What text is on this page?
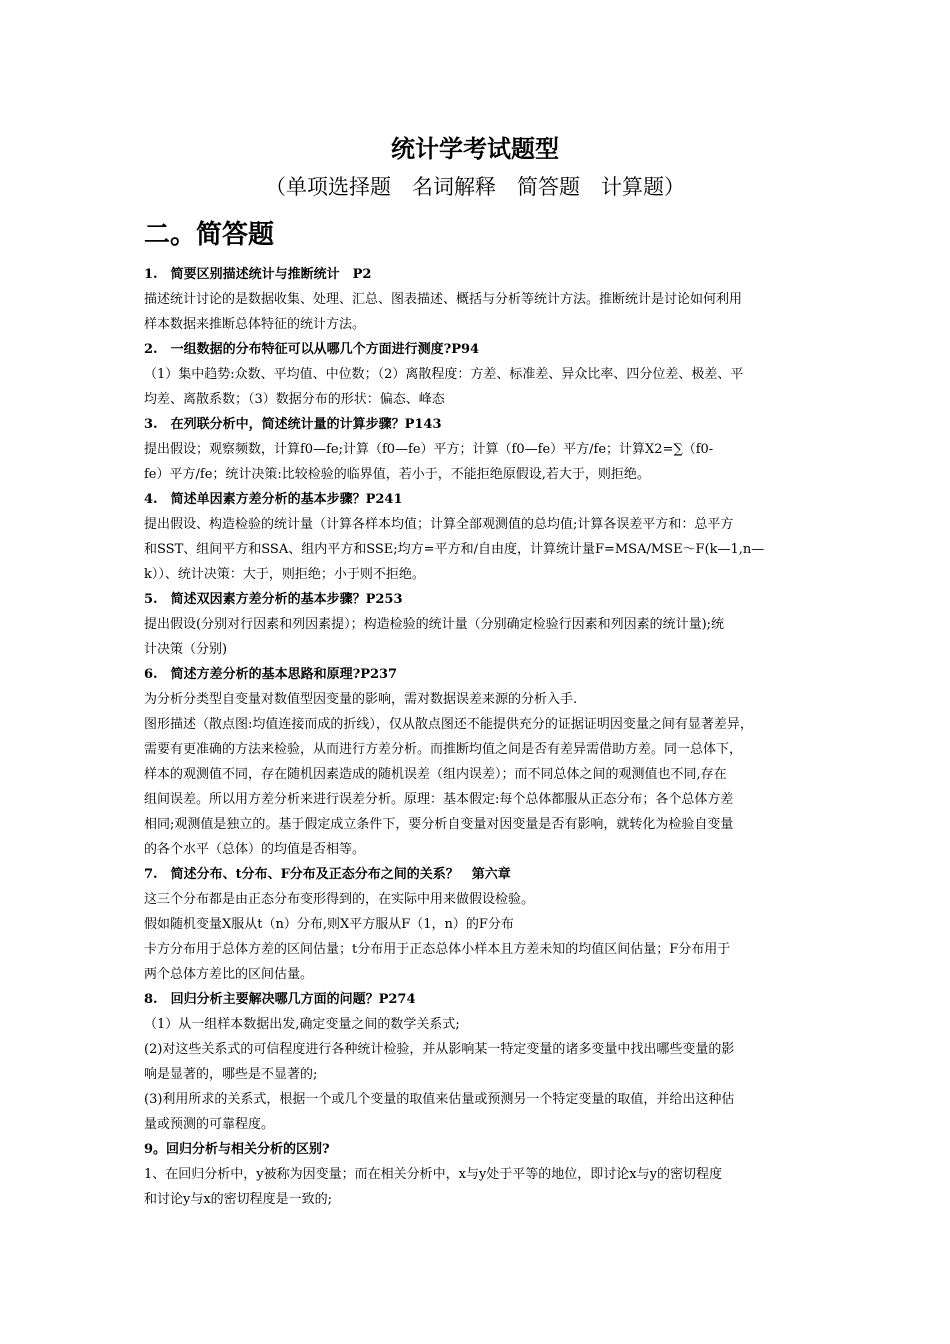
统计学考试题型
（单项选择题　名词解释　简答题　计算题）
二。简答题
1.　简要区别描述统计与推断统计　P2
描述统计讨论的是数据收集、处理、汇总、图表描述、概括与分析等统计方法。推断统计是讨论如何利用
样本数据来推断总体特征的统计方法。
2.　一组数据的分布特征可以从哪几个方面进行测度?P94
（1）集中趋势:众数、平均值、中位数；（2）离散程度：方差、标准差、异众比率、四分位差、极差、平
均差、离散系数；（3）数据分布的形状：偏态、峰态
3.　在列联分析中，简述统计量的计算步骤？P143
提出假设；观察频数，计算f0—fe;计算（f0—fe）平方；计算（f0—fe）平方/fe；计算X2=∑（f0-
fe）平方/fe；统计决策:比较检验的临界值，若小于，不能拒绝原假设,若大于，则拒绝。
4.　简述单因素方差分析的基本步骤？P241
提出假设、构造检验的统计量（计算各样本均值；计算全部观测值的总均值;计算各误差平方和：总平方
和SST、组间平方和SSA、组内平方和SSE;均方=平方和/自由度，计算统计量F=MSA/MSE～F(k—1,n—
k））、统计决策：大于，则拒绝；小于则不拒绝。
5.　简述双因素方差分析的基本步骤？P253
提出假设(分别对行因素和列因素提）；构造检验的统计量（分别确定检验行因素和列因素的统计量);统
计决策（分别)
6.　简述方差分析的基本思路和原理?P237
为分析分类型自变量对数值型因变量的影响，需对数据误差来源的分析入手.
图形描述（散点图:均值连接而成的折线），仅从散点图还不能提供充分的证据证明因变量之间有显著差异，
需要有更准确的方法来检验，从而进行方差分析。而推断均值之间是否有差异需借助方差。同一总体下，
样本的观测值不同，存在随机因素造成的随机误差（组内误差）；而不同总体之间的观测值也不同,存在
组间误差。所以用方差分析来进行误差分析。原理：基本假定:每个总体都服从正态分布；各个总体方差
相同;观测值是独立的。基于假定成立条件下，要分析自变量对因变量是否有影响，就转化为检验自变量
的各个水平（总体）的均值是否相等。
7.　简述分布、t分布、F分布及正态分布之间的关系？　第六章
这三个分布都是由正态分布变形得到的，在实际中用来做假设检验。
假如随机变量X服从t（n）分布,则X平方服从F（1，n）的F分布
卡方分布用于总体方差的区间估量；t分布用于正态总体小样本且方差未知的均值区间估量；F分布用于
两个总体方差比的区间估量。
8.　回归分析主要解决哪几方面的问题？P274
（1）从一组样本数据出发,确定变量之间的数学关系式;
(2)对这些关系式的可信程度进行各种统计检验，并从影响某一特定变量的诸多变量中找出哪些变量的影
响是显著的，哪些是不显著的;
(3)利用所求的关系式，根据一个或几个变量的取值来估量或预测另一个特定变量的取值，并给出这种估
量或预测的可靠程度。
9。回归分析与相关分析的区别?
1、在回归分析中，y被称为因变量；而在相关分析中，x与y处于平等的地位，即讨论x与y的密切程度
和讨论y与x的密切程度是一致的;
